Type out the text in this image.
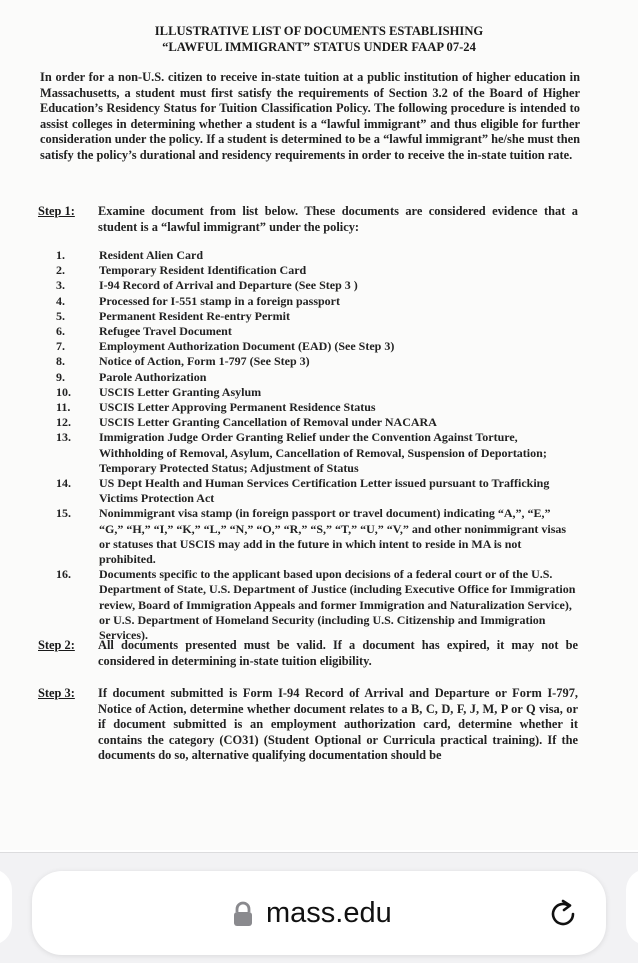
ILLUSTRATIVE LIST OF DOCUMENTS ESTABLISHING
“LAWFUL IMMIGRANT” STATUS UNDER FAAP 07-24
In order for a non-U.S. citizen to receive in-state tuition at a public institution of higher education in Massachusetts, a student must first satisfy the requirements of Section 3.2 of the Board of Higher Education’s Residency Status for Tuition Classification Policy. The following procedure is intended to assist colleges in determining whether a student is a “lawful immigrant” and thus eligible for further consideration under the policy. If a student is determined to be a “lawful immigrant” he/she must then satisfy the policy’s durational and residency requirements in order to receive the in-state tuition rate.
Step 1: Examine document from list below. These documents are considered evidence that a student is a “lawful immigrant” under the policy:
1.	Resident Alien Card
2.	Temporary Resident Identification Card
3.	I-94 Record of Arrival and Departure (See Step 3 )
4.	Processed for I-551 stamp in a foreign passport
5.	Permanent Resident Re-entry Permit
6.	Refugee Travel Document
7.	Employment Authorization Document (EAD) (See Step 3)
8.	Notice of Action, Form 1-797 (See Step 3)
9.	Parole Authorization
10.	USCIS Letter Granting Asylum
11.	USCIS Letter Approving Permanent Residence Status
12.	USCIS Letter Granting Cancellation of Removal under NACARA
13.	Immigration Judge Order Granting Relief under the Convention Against Torture, Withholding of Removal, Asylum, Cancellation of Removal, Suspension of Deportation; Temporary Protected Status; Adjustment of Status
14.	US Dept Health and Human Services Certification Letter issued pursuant to Trafficking Victims Protection Act
15.	Nonimmigrant visa stamp (in foreign passport or travel document) indicating “A,”, “E,” “G,” “H,” “I,” “K,” “L,” “N,” “O,” “R,” “S,” “T,” “U,” “V,” and other nonimmigrant visas or statuses that USCIS may add in the future in which intent to reside in MA is not prohibited.
16.	Documents specific to the applicant based upon decisions of a federal court or of the U.S. Department of State, U.S. Department of Justice (including Executive Office for Immigration review, Board of Immigration Appeals and former Immigration and Naturalization Service), or U.S. Department of Homeland Security (including U.S. Citizenship and Immigration Services).
Step 2: All documents presented must be valid. If a document has expired, it may not be considered in determining in-state tuition eligibility.
Step 3: If document submitted is Form I-94 Record of Arrival and Departure or Form I-797, Notice of Action, determine whether document relates to a B, C, D, F, J, M, P or Q visa, or if document submitted is an employment authorization card, determine whether it contains the category (CO31) (Student Optional or Curricula practical training). If the documents do so, alternative qualifying documentation should be
mass.edu
